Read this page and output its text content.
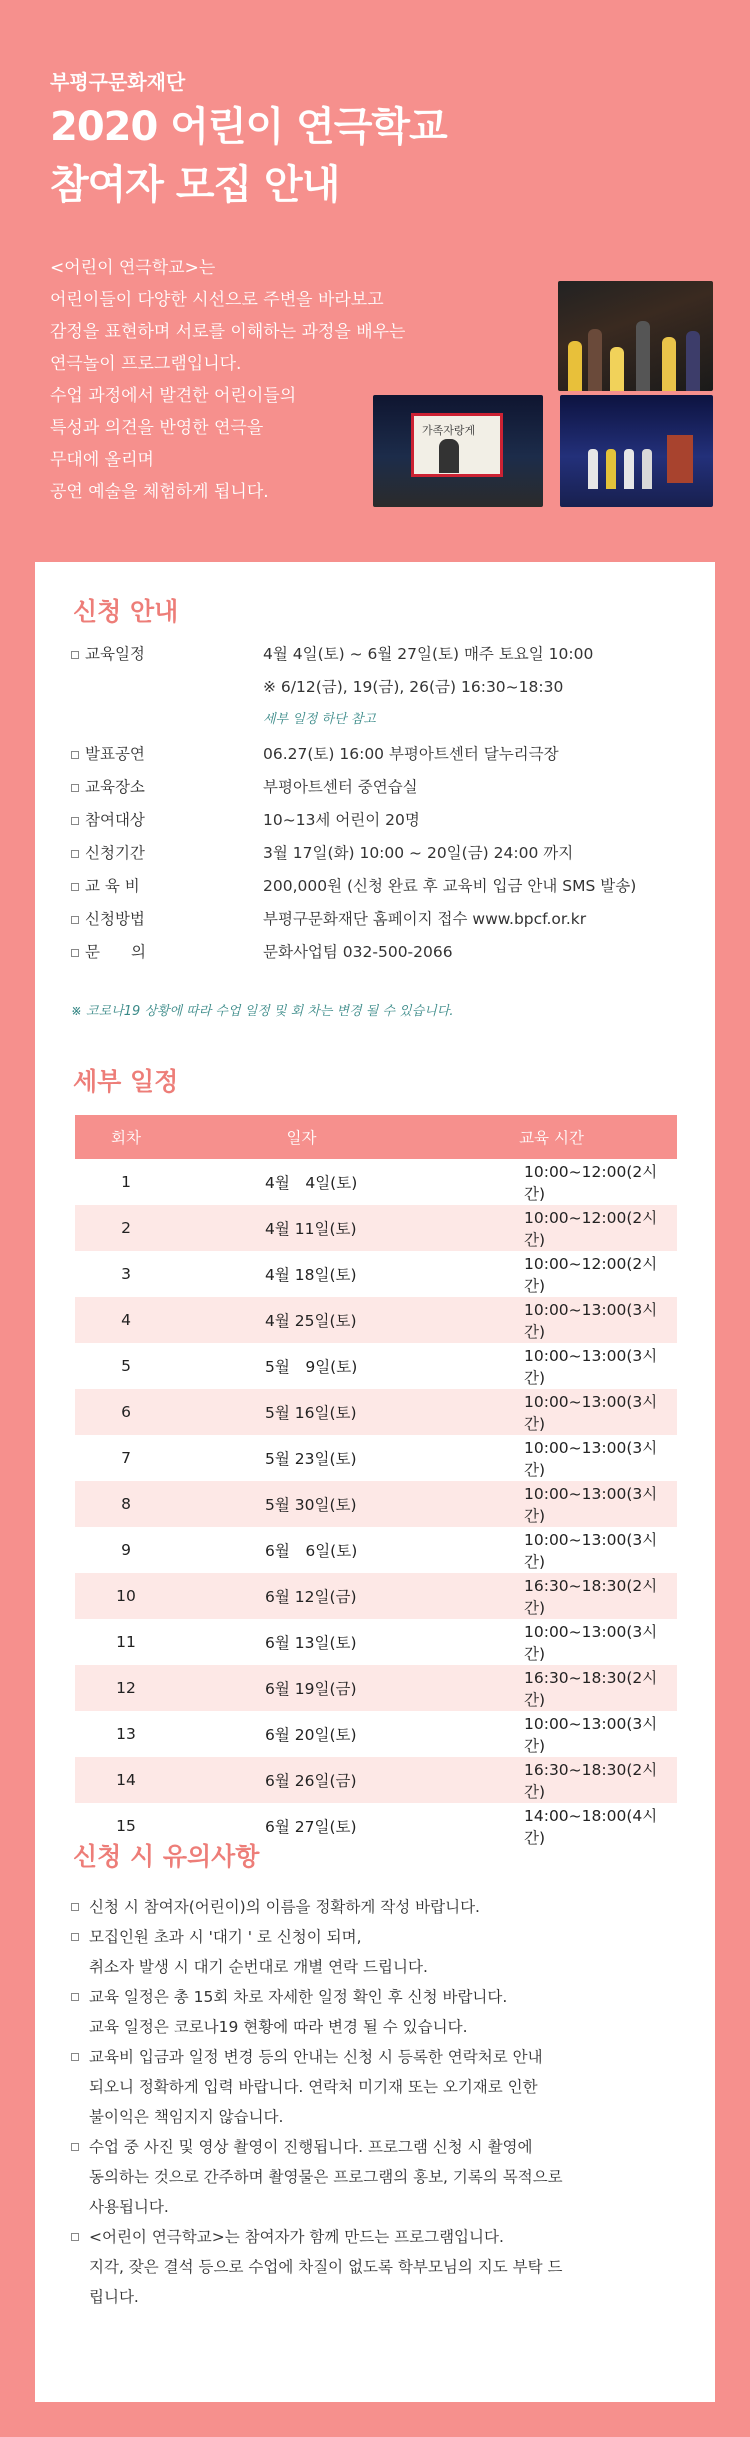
부평구문화재단
2020 어린이 연극학교
참여자 모집 안내
<어린이 연극학교>는
어린이들이 다양한 시선으로 주변을 바라보고
감정을 표현하며 서로를 이해하는 과정을 배우는
연극놀이 프로그램입니다.
수업 과정에서 발견한 어린이들의
특성과 의견을 반영한 연극을
무대에 올리며
공연 예술을 체험하게 됩니다.
가족자랑게
신청 안내
교육일정	4월 4일(토) ~ 6월 27일(토) 매주 토요일 10:00
※ 6/12(금), 19(금), 26(금) 16:30~18:30
세부 일정 하단 참고
발표공연	06.27(토) 16:00 부평아트센터 달누리극장
교육장소	부평아트센터 중연습실
참여대상	10~13세 어린이 20명
신청기간	3월 17일(화) 10:00 ~ 20일(금) 24:00 까지
교 육 비	200,000원 (신청 완료 후 교육비 입금 안내 SMS 발송)
신청방법	부평구문화재단 홈페이지 접수 www.bpcf.or.kr
문　　의	문화사업팀 032-500-2066
※ 코로나19 상황에 따라 수업 일정 및 회 차는 변경 될 수 있습니다.
세부 일정
회차	일자	교육 시간
1	4월　4일(토)	10:00~12:00(2시간)
2	4월 11일(토)	10:00~12:00(2시간)
3	4월 18일(토)	10:00~12:00(2시간)
4	4월 25일(토)	10:00~13:00(3시간)
5	5월　9일(토)	10:00~13:00(3시간)
6	5월 16일(토)	10:00~13:00(3시간)
7	5월 23일(토)	10:00~13:00(3시간)
8	5월 30일(토)	10:00~13:00(3시간)
9	6월　6일(토)	10:00~13:00(3시간)
10	6월 12일(금)	16:30~18:30(2시간)
11	6월 13일(토)	10:00~13:00(3시간)
12	6월 19일(금)	16:30~18:30(2시간)
13	6월 20일(토)	10:00~13:00(3시간)
14	6월 26일(금)	16:30~18:30(2시간)
15	6월 27일(토)	14:00~18:00(4시간)
신청 시 유의사항
신청 시 참여자(어린이)의 이름을 정확하게 작성 바랍니다.
모집인원 초과 시 '대기 ' 로 신청이 되며,
취소자 발생 시 대기 순번대로 개별 연락 드립니다.
교육 일정은 총 15회 차로 자세한 일정 확인 후 신청 바랍니다.
교육 일정은 코로나19 현황에 따라 변경 될 수 있습니다.
교육비 입금과 일정 변경 등의 안내는 신청 시 등록한 연락처로 안내
되오니 정확하게 입력 바랍니다. 연락처 미기재 또는 오기재로 인한
불이익은 책임지지 않습니다.
수업 중 사진 및 영상 촬영이 진행됩니다. 프로그램 신청 시 촬영에
동의하는 것으로 간주하며 촬영물은 프로그램의 홍보, 기록의 목적으로
사용됩니다.
<어린이 연극학교>는 참여자가 함께 만드는 프로그램입니다.
지각, 잦은 결석 등으로 수업에 차질이 없도록 학부모님의 지도 부탁 드
립니다.
